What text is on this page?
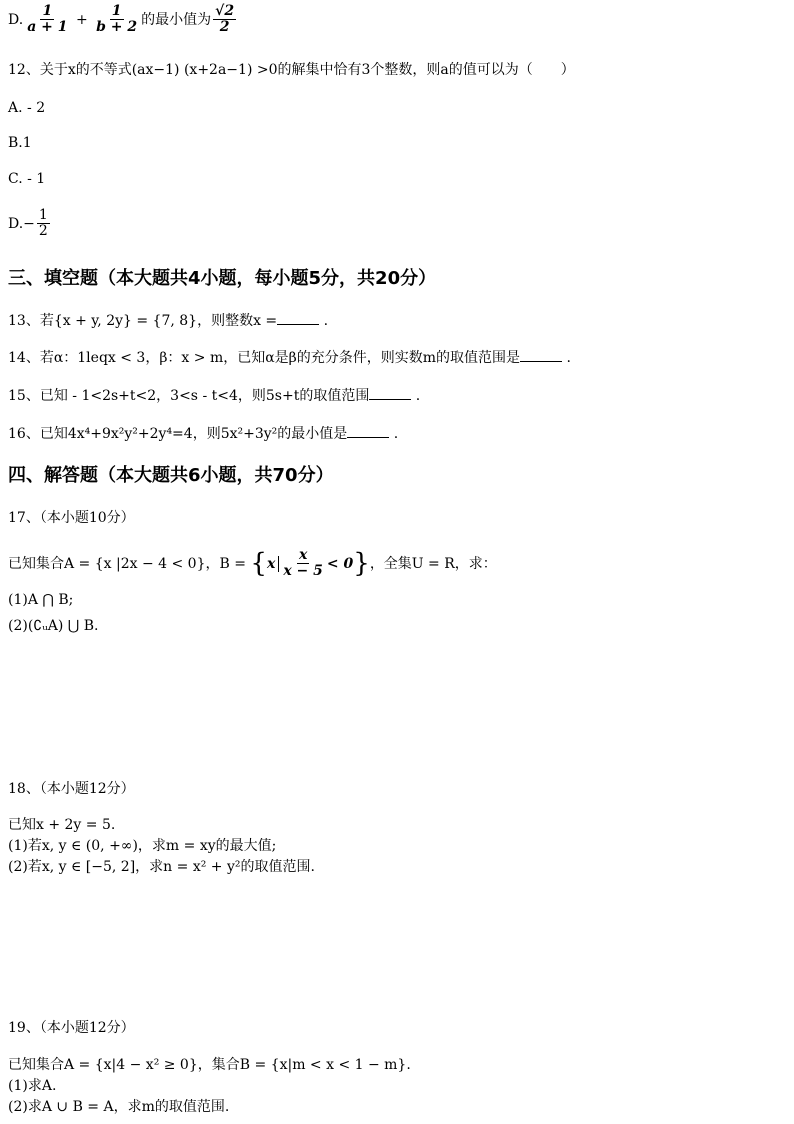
D. $\frac{1}{a + 1} + \frac{1}{b + 2}$ 的最小值为 $\frac{√2}{2}$
12、关于x的不等式(ax−1) (x+2a−1) >0的解集中恰有3个整数，则a的值可以为（　　）
A. - 2
B.1
C. - 1
$D.- \frac{1}{2}$
三、填空题（本大题共4小题，每小题5分，共20分）
13、若{x + y, 2y} = {7, 8}，则整数x =	.
14、若α：1leqx < 3，β：x > m，已知α是β的充分条件，则实数m的取值范围是	.
15、已知 - 1<2s+t<2，3<s - t<4，则5s+t的取值范围	.
16、已知4x⁴+9x²y²+2y⁴=4，则5x²+3y²的最小值是	.
四、解答题（本大题共6小题，共70分）
17、（本小题10分）
已知集合A = {x |2x − 4 < 0}，$B = \{x \frac{x}{x - 5} < 0\}$，全集U = R，求：
(1)A ⋂ B;
(2)(∁ᵤA) ⋃ B.
18、（本小题12分）
已知x + 2y = 5.
(1)若x, y ∈ (0, +∞)，求m = xy的最大值;
(2)若x, y ∈ [−5, 2]，求n = x² + y²的取值范围.
19、（本小题12分）
已知集合A = {x|4 − x² ≥ 0}，集合B = {x|m < x < 1 − m}.
(1)求A.
(2)求A ∪ B = A，求m的取值范围.
